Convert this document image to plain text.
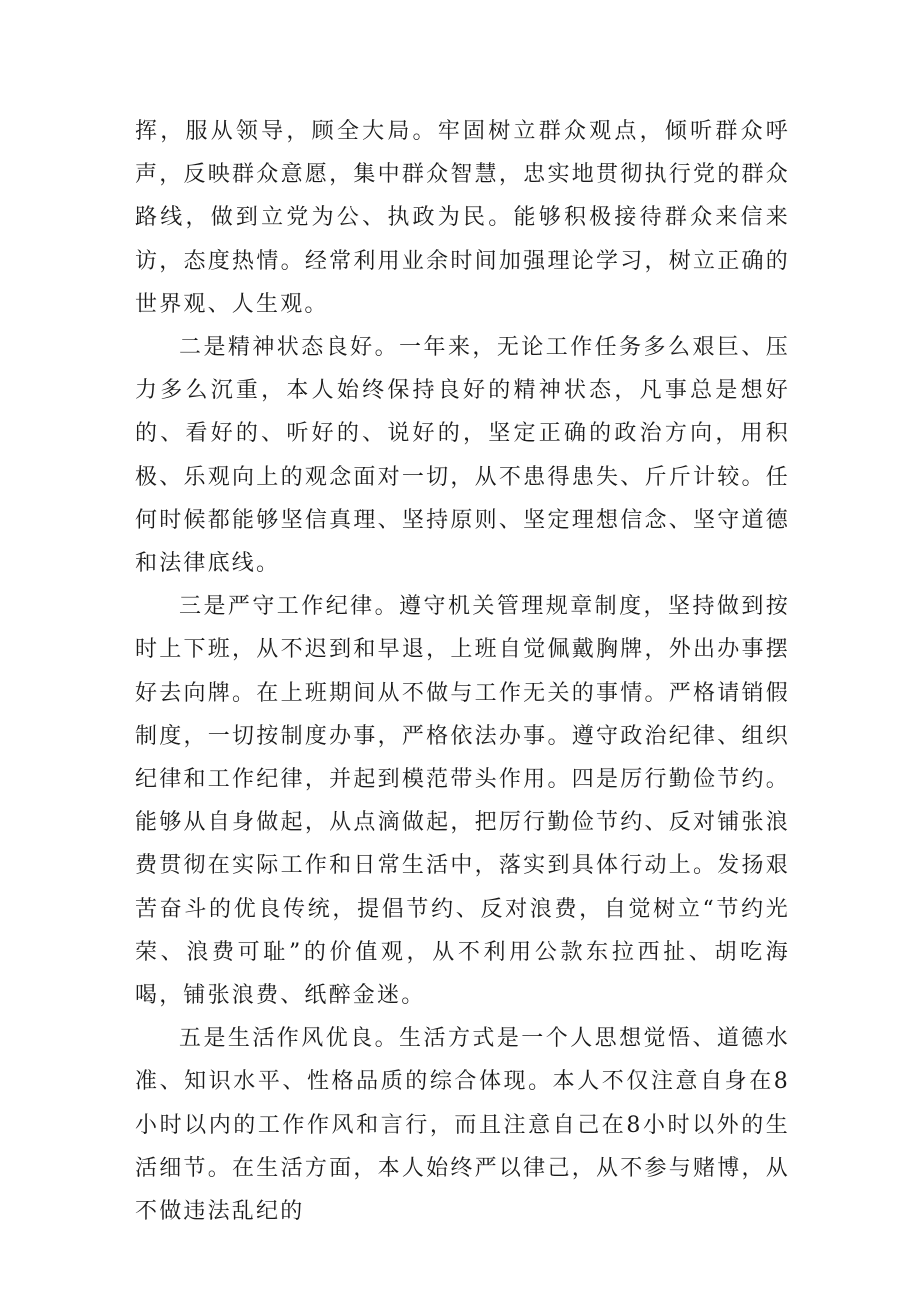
挥，服从领导，顾全大局。牢固树立群众观点，倾听群众呼声，反映群众意愿，集中群众智慧，忠实地贯彻执行党的群众路线，做到立党为公、执政为民。能够积极接待群众来信来访，态度热情。经常利用业余时间加强理论学习，树立正确的世界观、人生观。

二是精神状态良好。一年来，无论工作任务多么艰巨、压力多么沉重，本人始终保持良好的精神状态，凡事总是想好的、看好的、听好的、说好的，坚定正确的政治方向，用积极、乐观向上的观念面对一切，从不患得患失、斤斤计较。任何时候都能够坚信真理、坚持原则、坚定理想信念、坚守道德和法律底线。

三是严守工作纪律。遵守机关管理规章制度，坚持做到按时上下班，从不迟到和早退，上班自觉佩戴胸牌，外出办事摆好去向牌。在上班期间从不做与工作无关的事情。严格请销假制度，一切按制度办事，严格依法办事。遵守政治纪律、组织纪律和工作纪律，并起到模范带头作用。四是厉行勤俭节约。能够从自身做起，从点滴做起，把厉行勤俭节约、反对铺张浪费贯彻在实际工作和日常生活中，落实到具体行动上。发扬艰苦奋斗的优良传统，提倡节约、反对浪费，自觉树立“节约光荣、浪费可耻”的价值观，从不利用公款东拉西扯、胡吃海喝，铺张浪费、纸醉金迷。

五是生活作风优良。生活方式是一个人思想觉悟、道德水准、知识水平、性格品质的综合体现。本人不仅注意自身在8小时以内的工作作风和言行，而且注意自己在8小时以外的生活细节。在生活方面，本人始终严以律己，从不参与赌博，从不做违法乱纪的
